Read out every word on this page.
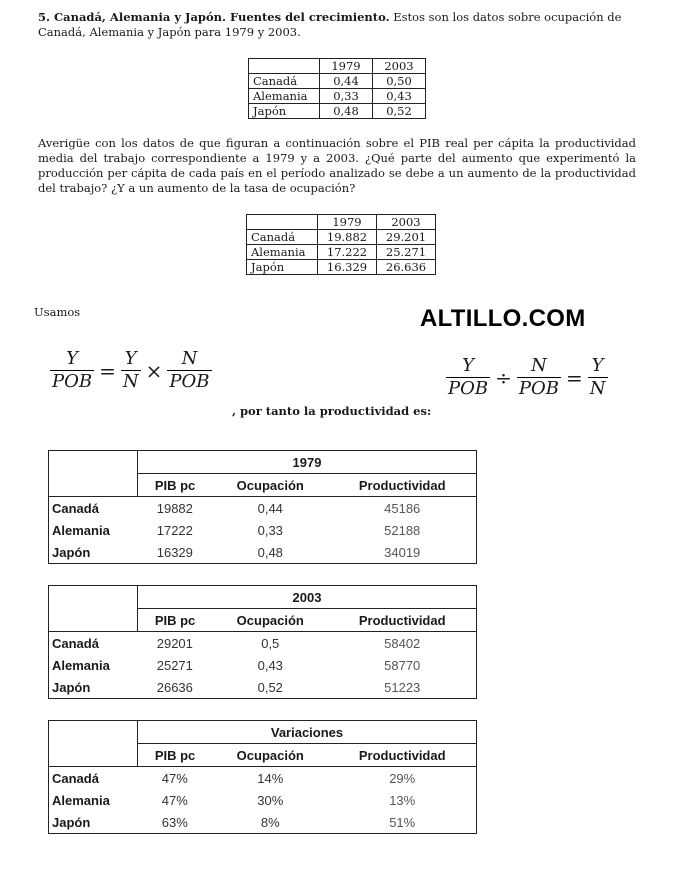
5. Canadá, Alemania y Japón. Fuentes del crecimiento. Estos son los datos sobre ocupación de Canadá, Alemania y Japón para 1979 y 2003.
	1979	2003
Canadá	0,44	0,50
Alemania	0,33	0,43
Japón	0,48	0,52
Averigüe con los datos de que figuran a continuación sobre el PIB real per cápita la productividad media del trabajo correspondiente a 1979 y a 2003. ¿Qué parte del aumento que experimentó la producción per cápita de cada país en el período analizado se debe a un aumento de la productividad del trabajo? ¿Y a un aumento de la tasa de ocupación?
	1979	2003
Canadá	19.882	29.201
Alemania	17.222	25.271
Japón	16.329	26.636
Usamos	ALTILLO.COM
$\frac{Y}{\text{POB}} = \frac{Y}{N} \times \frac{N}{\text{POB}}$	$\frac{Y}{\text{POB}} \div \frac{N}{\text{POB}} = \frac{Y}{N}$
, por tanto la productividad es:
	1979		
	PIB pc	Ocupación	Productividad
Canadá	19882	0,44	45186
Alemania	17222	0,33	52188
Japón	16329	0,48	34019
	2003		
	PIB pc	Ocupación	Productividad
Canadá	29201	0,5	58402
Alemania	25271	0,43	58770
Japón	26636	0,52	51223
	Variaciones		
	PIB pc	Ocupación	Productividad
Canadá	47%	14%	29%
Alemania	47%	30%	13%
Japón	63%	8%	51%
